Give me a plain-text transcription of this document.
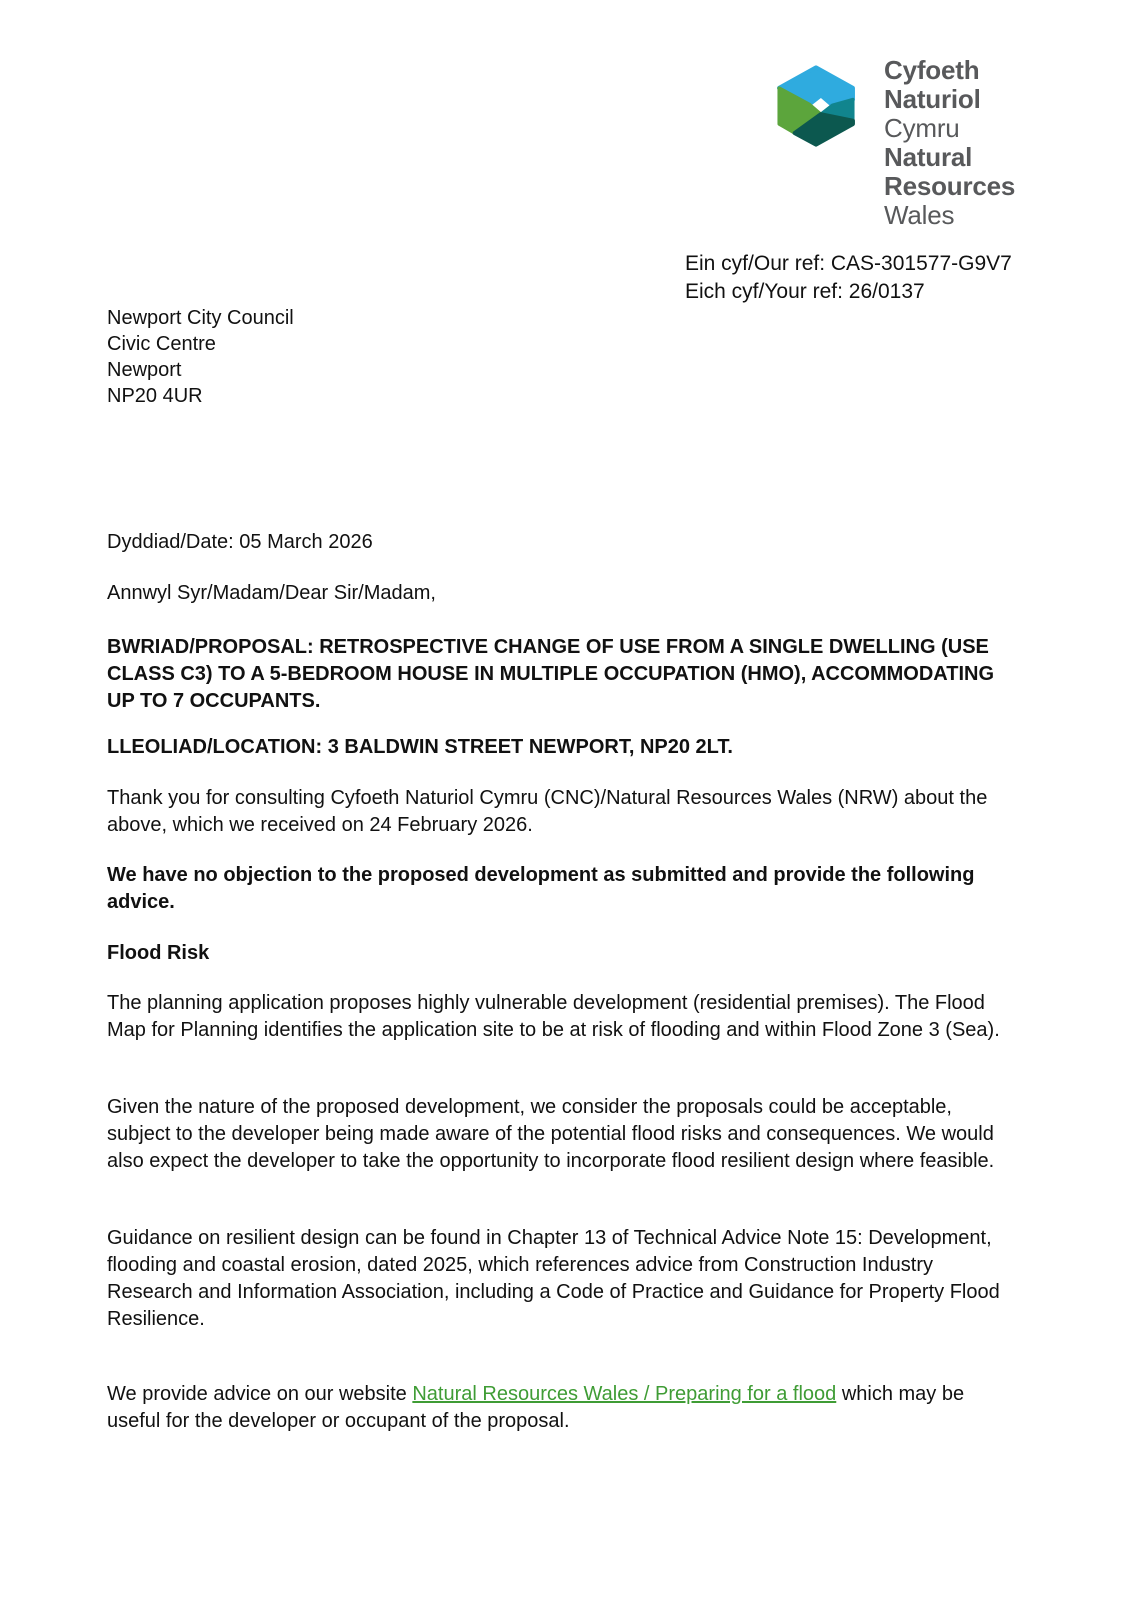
Cyfoeth
Naturiol
Cymru
Natural
Resources
Wales
Ein cyf/Our ref: CAS-301577-G9V7
Eich cyf/Your ref: 26/0137
Newport City Council
Civic Centre
Newport
NP20 4UR
Dyddiad/Date: 05 March 2026
Annwyl Syr/Madam/Dear Sir/Madam,
BWRIAD/PROPOSAL: RETROSPECTIVE CHANGE OF USE FROM A SINGLE DWELLING (USE CLASS C3) TO A 5-BEDROOM HOUSE IN MULTIPLE OCCUPATION (HMO), ACCOMMODATING UP TO 7 OCCUPANTS.
LLEOLIAD/LOCATION: 3 BALDWIN STREET NEWPORT, NP20 2LT.
Thank you for consulting Cyfoeth Naturiol Cymru (CNC)/Natural Resources Wales (NRW) about the above, which we received on 24 February 2026.
We have no objection to the proposed development as submitted and provide the following advice.
Flood Risk
The planning application proposes highly vulnerable development (residential premises). The Flood Map for Planning identifies the application site to be at risk of flooding and within Flood Zone 3 (Sea).
Given the nature of the proposed development, we consider the proposals could be acceptable, subject to the developer being made aware of the potential flood risks and consequences. We would also expect the developer to take the opportunity to incorporate flood resilient design where feasible.
Guidance on resilient design can be found in Chapter 13 of Technical Advice Note 15: Development, flooding and coastal erosion, dated 2025, which references advice from Construction Industry Research and Information Association, including a Code of Practice and Guidance for Property Flood Resilience.
We provide advice on our website Natural Resources Wales / Preparing for a flood which may be useful for the developer or occupant of the proposal.
